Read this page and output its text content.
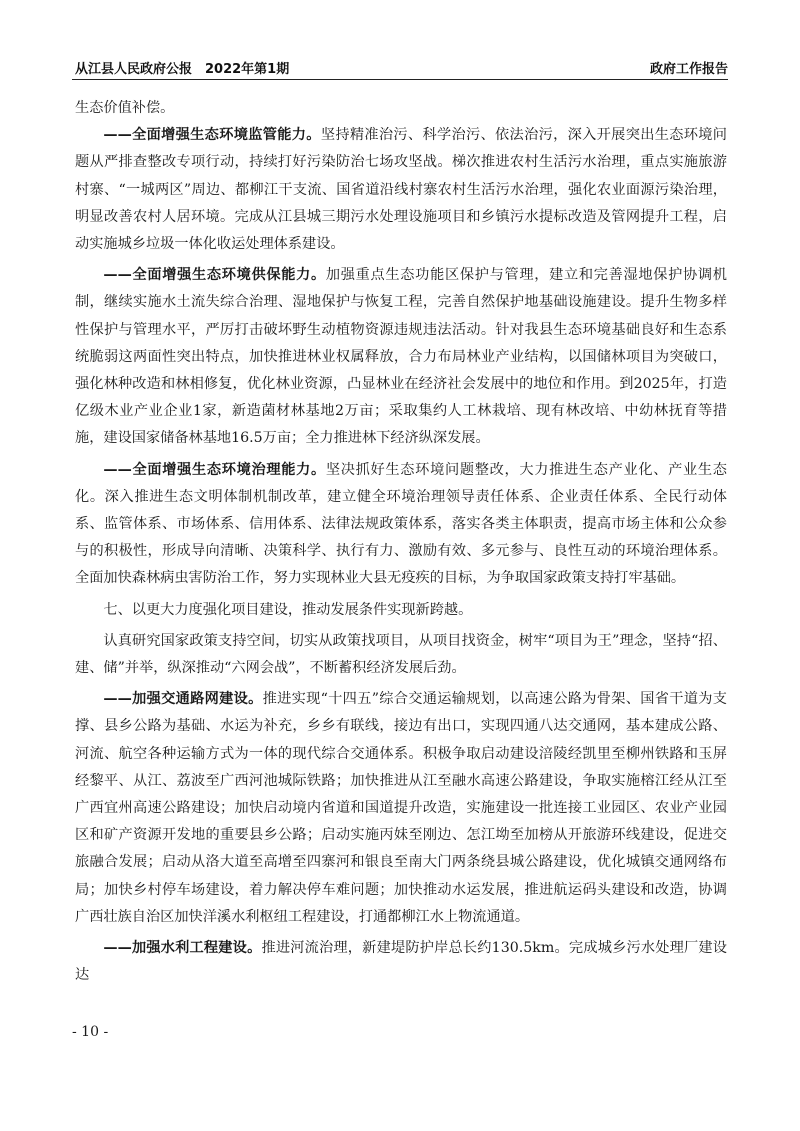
从江县人民政府公报　2022年第1期	政府工作报告

生态价值补偿。

——全面增强生态环境监管能力。坚持精准治污、科学治污、依法治污，深入开展突出生态环境问题从严排查整改专项行动，持续打好污染防治七场攻坚战。梯次推进农村生活污水治理，重点实施旅游村寨、“一城两区”周边、都柳江干支流、国省道沿线村寨农村生活污水治理，强化农业面源污染治理，明显改善农村人居环境。完成从江县城三期污水处理设施项目和乡镇污水提标改造及管网提升工程，启动实施城乡垃圾一体化收运处理体系建设。

——全面增强生态环境供保能力。加强重点生态功能区保护与管理，建立和完善湿地保护协调机制，继续实施水土流失综合治理、湿地保护与恢复工程，完善自然保护地基础设施建设。提升生物多样性保护与管理水平，严厉打击破坏野生动植物资源违规违法活动。针对我县生态环境基础良好和生态系统脆弱这两面性突出特点，加快推进林业权属释放，合力布局林业产业结构，以国储林项目为突破口，强化林种改造和林相修复，优化林业资源，凸显林业在经济社会发展中的地位和作用。到2025年，打造亿级木业产业企业1家，新造菌材林基地2万亩；采取集约人工林栽培、现有林改培、中幼林抚育等措施，建设国家储备林基地16.5万亩；全力推进林下经济纵深发展。

——全面增强生态环境治理能力。坚决抓好生态环境问题整改，大力推进生态产业化、产业生态化。深入推进生态文明体制机制改革，建立健全环境治理领导责任体系、企业责任体系、全民行动体系、监管体系、市场体系、信用体系、法律法规政策体系，落实各类主体职责，提高市场主体和公众参与的积极性，形成导向清晰、决策科学、执行有力、激励有效、多元参与、良性互动的环境治理体系。全面加快森林病虫害防治工作，努力实现林业大县无疫疾的目标，为争取国家政策支持打牢基础。

七、以更大力度强化项目建设，推动发展条件实现新跨越。

认真研究国家政策支持空间，切实从政策找项目，从项目找资金，树牢“项目为王”理念，坚持“招、建、储”并举，纵深推动“六网会战”，不断蓄积经济发展后劲。

——加强交通路网建设。推进实现“十四五”综合交通运输规划，以高速公路为骨架、国省干道为支撑、县乡公路为基础、水运为补充，乡乡有联线，接边有出口，实现四通八达交通网，基本建成公路、河流、航空各种运输方式为一体的现代综合交通体系。积极争取启动建设涪陵经凯里至柳州铁路和玉屏经黎平、从江、荔波至广西河池城际铁路；加快推进从江至融水高速公路建设，争取实施榕江经从江至广西宜州高速公路建设；加快启动境内省道和国道提升改造，实施建设一批连接工业园区、农业产业园区和矿产资源开发地的重要县乡公路；启动实施丙妹至刚边、怎江坳至加榜从开旅游环线建设，促进交旅融合发展；启动从洛大道至高增至四寨河和银良至南大门两条绕县城公路建设，优化城镇交通网络布局；加快乡村停车场建设，着力解决停车难问题；加快推动水运发展，推进航运码头建设和改造，协调广西壮族自治区加快洋溪水利枢纽工程建设，打通都柳江水上物流通道。

——加强水利工程建设。推进河流治理，新建堤防护岸总长约130.5km。完成城乡污水处理厂建设达

- 10 -
